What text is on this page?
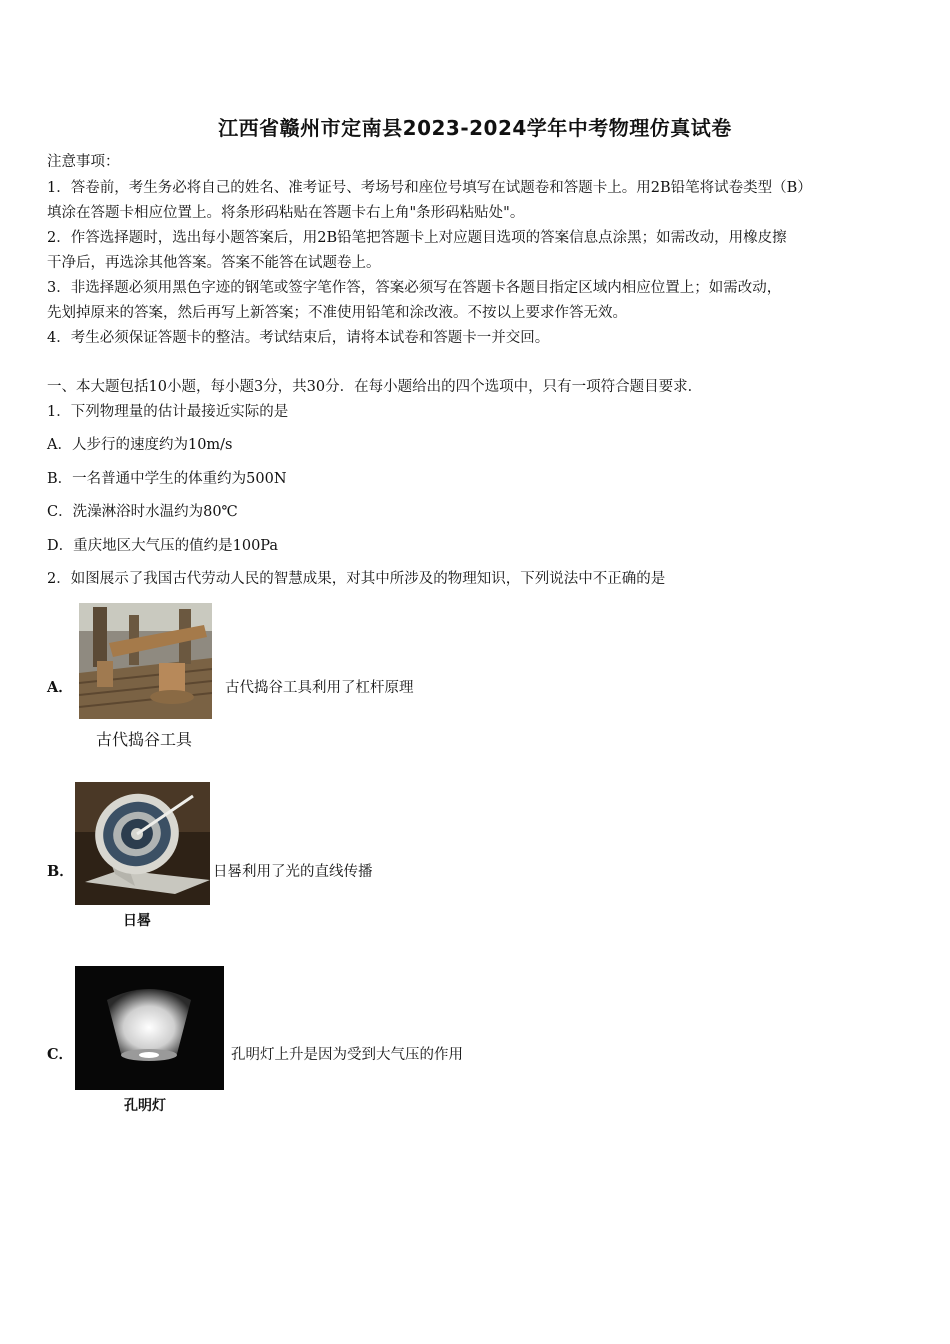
江西省赣州市定南县2023-2024学年中考物理仿真试卷
注意事项：
1．答卷前，考生务必将自己的姓名、准考证号、考场号和座位号填写在试题卷和答题卡上。用2B铅笔将试卷类型（B）
填涂在答题卡相应位置上。将条形码粘贴在答题卡右上角"条形码粘贴处"。
2．作答选择题时，选出每小题答案后，用2B铅笔把答题卡上对应题目选项的答案信息点涂黑；如需改动，用橡皮擦
干净后，再选涂其他答案。答案不能答在试题卷上。
3．非选择题必须用黑色字迹的钢笔或签字笔作答，答案必须写在答题卡各题目指定区域内相应位置上；如需改动，
先划掉原来的答案，然后再写上新答案；不准使用铅笔和涂改液。不按以上要求作答无效。
4．考生必须保证答题卡的整洁。考试结束后，请将本试卷和答题卡一并交回。
一、本大题包括10小题，每小题3分，共30分．在每小题给出的四个选项中，只有一项符合题目要求．
1．下列物理量的估计最接近实际的是
A．人步行的速度约为10m/s
B．一名普通中学生的体重约为500N
C．洗澡淋浴时水温约为80℃
D．重庆地区大气压的值约是100Pa
2．如图展示了我国古代劳动人民的智慧成果，对其中所涉及的物理知识，下列说法中不正确的是
古代捣谷工具
A．	古代捣谷工具利用了杠杆原理
日晷
B．	日晷利用了光的直线传播
孔明灯
C．	孔明灯上升是因为受到大气压的作用
